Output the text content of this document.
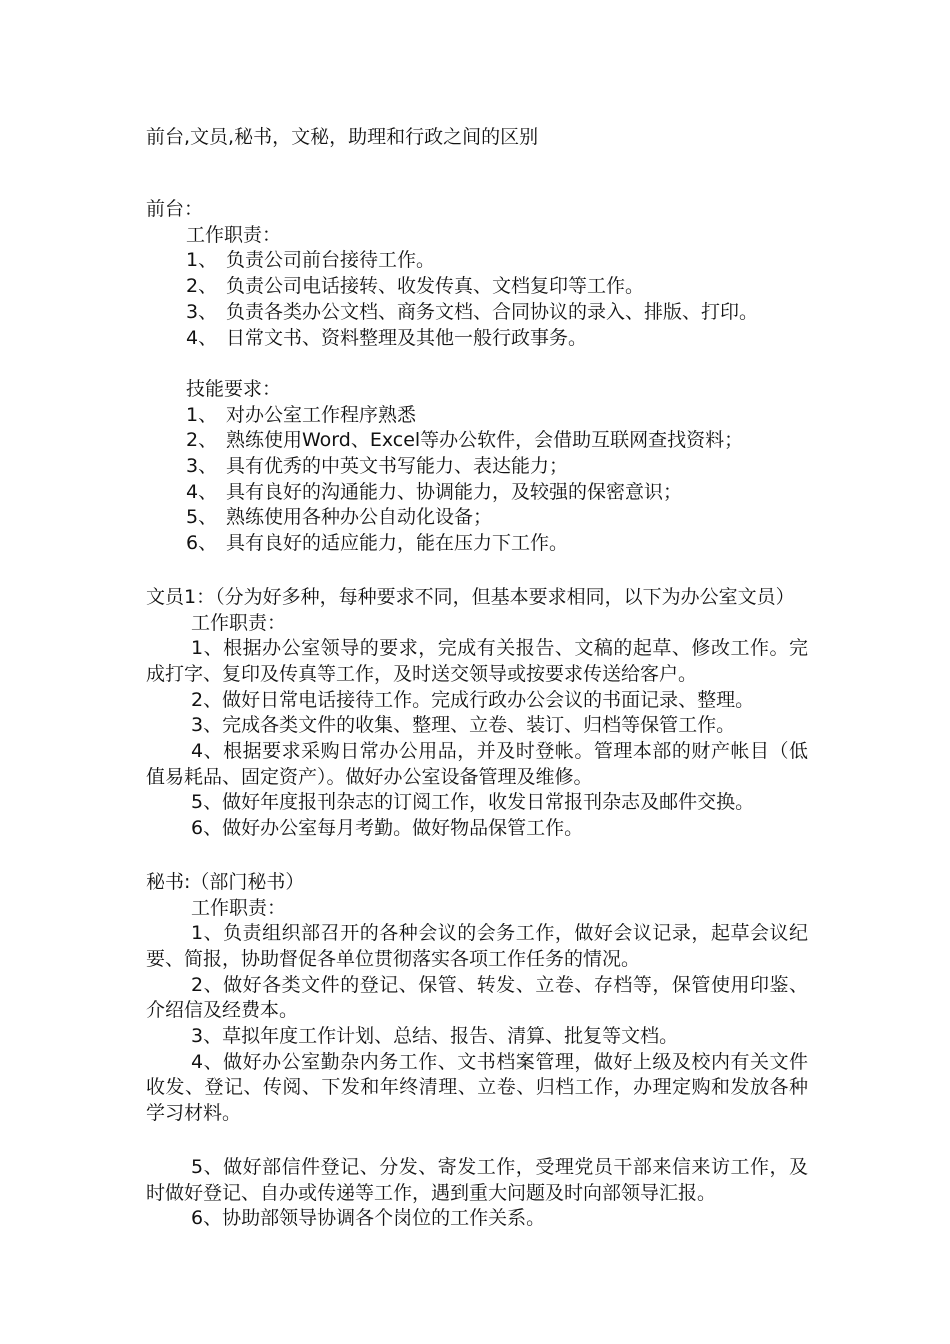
前台,文员,秘书，文秘，助理和行政之间的区别
前台：
工作职责：
1、 负责公司前台接待工作。
2、 负责公司电话接转、收发传真、文档复印等工作。
3、 负责各类办公文档、商务文档、合同协议的录入、排版、打印。
4、 日常文书、资料整理及其他一般行政事务。
技能要求：
1、 对办公室工作程序熟悉
2、 熟练使用Word、Excel等办公软件，会借助互联网查找资料；
3、 具有优秀的中英文书写能力、表达能力；
4、 具有良好的沟通能力、协调能力，及较强的保密意识；
5、 熟练使用各种办公自动化设备；
6、 具有良好的适应能力，能在压力下工作。
文员1：（分为好多种，每种要求不同，但基本要求相同，以下为办公室文员）
工作职责：
1、根据办公室领导的要求，完成有关报告、文稿的起草、修改工作。完成打字、复印及传真等工作，及时送交领导或按要求传送给客户。
2、做好日常电话接待工作。完成行政办公会议的书面记录、整理。
3、完成各类文件的收集、整理、立卷、装订、归档等保管工作。
4、根据要求采购日常办公用品，并及时登帐。管理本部的财产帐目（低值易耗品、固定资产）。做好办公室设备管理及维修。
5、做好年度报刊杂志的订阅工作，收发日常报刊杂志及邮件交换。
6、做好办公室每月考勤。做好物品保管工作。
秘书:（部门秘书）
工作职责：
1、负责组织部召开的各种会议的会务工作，做好会议记录，起草会议纪要、简报，协助督促各单位贯彻落实各项工作任务的情况。
2、做好各类文件的登记、保管、转发、立卷、存档等，保管使用印鉴、介绍信及经费本。
3、草拟年度工作计划、总结、报告、清算、批复等文档。
4、做好办公室勤杂内务工作、文书档案管理，做好上级及校内有关文件收发、登记、传阅、下发和年终清理、立卷、归档工作，办理定购和发放各种学习材料。
5、做好部信件登记、分发、寄发工作，受理党员干部来信来访工作，及时做好登记、自办或传递等工作，遇到重大问题及时向部领导汇报。
6、协助部领导协调各个岗位的工作关系。
